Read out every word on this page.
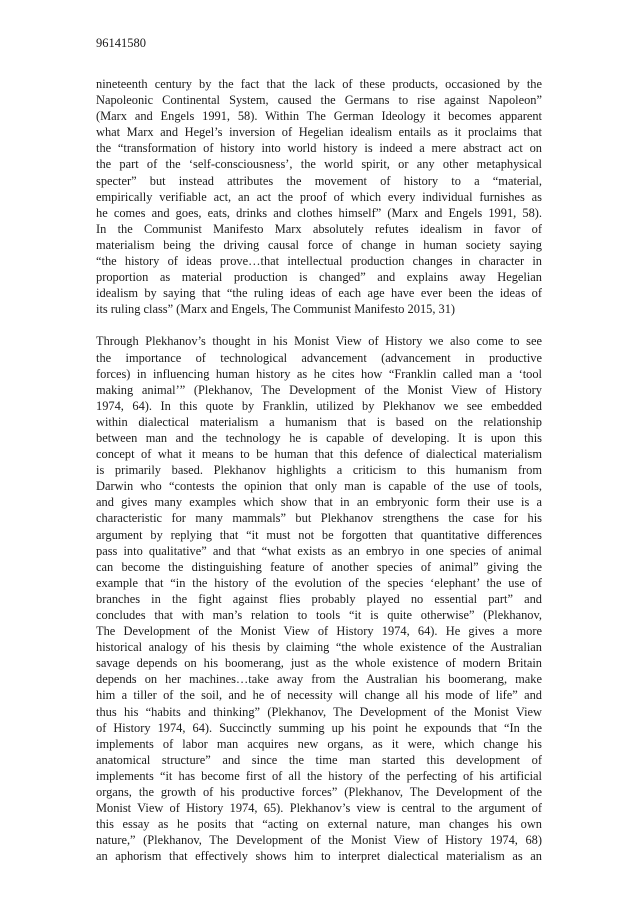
96141580
nineteenth century by the fact that the lack of these products, occasioned by the
Napoleonic Continental System, caused the Germans to rise against Napoleon”
(Marx and Engels 1991, 58). Within The German Ideology it becomes apparent
what Marx and Hegel’s inversion of Hegelian idealism entails as it proclaims that
the “transformation of history into world history is indeed a mere abstract act on
the part of the ‘self-consciousness’, the world spirit, or any other metaphysical
specter” but instead attributes the movement of history to a “material,
empirically verifiable act, an act the proof of which every individual furnishes as
he comes and goes, eats, drinks and clothes himself” (Marx and Engels 1991, 58).
In the Communist Manifesto Marx absolutely refutes idealism in favor of
materialism being the driving causal force of change in human society saying
“the history of ideas prove…that intellectual production changes in character in
proportion as material production is changed” and explains away Hegelian
idealism by saying that “the ruling ideas of each age have ever been the ideas of
its ruling class” (Marx and Engels, The Communist Manifesto 2015, 31)
Through Plekhanov’s thought in his Monist View of History we also come to see
the importance of technological advancement (advancement in productive
forces) in influencing human history as he cites how “Franklin called man a ‘tool
making animal’” (Plekhanov, The Development of the Monist View of History
1974, 64). In this quote by Franklin, utilized by Plekhanov we see embedded
within dialectical materialism a humanism that is based on the relationship
between man and the technology he is capable of developing. It is upon this
concept of what it means to be human that this defence of dialectical materialism
is primarily based. Plekhanov highlights a criticism to this humanism from
Darwin who “contests the opinion that only man is capable of the use of tools,
and gives many examples which show that in an embryonic form their use is a
characteristic for many mammals” but Plekhanov strengthens the case for his
argument by replying that “it must not be forgotten that quantitative differences
pass into qualitative” and that “what exists as an embryo in one species of animal
can become the distinguishing feature of another species of animal” giving the
example that “in the history of the evolution of the species ‘elephant’ the use of
branches in the fight against flies probably played no essential part” and
concludes that with man’s relation to tools “it is quite otherwise” (Plekhanov,
The Development of the Monist View of History 1974, 64). He gives a more
historical analogy of his thesis by claiming “the whole existence of the Australian
savage depends on his boomerang, just as the whole existence of modern Britain
depends on her machines…take away from the Australian his boomerang, make
him a tiller of the soil, and he of necessity will change all his mode of life” and
thus his “habits and thinking” (Plekhanov, The Development of the Monist View
of History 1974, 64). Succinctly summing up his point he expounds that “In the
implements of labor man acquires new organs, as it were, which change his
anatomical structure” and since the time man started this development of
implements “it has become first of all the history of the perfecting of his artificial
organs, the growth of his productive forces” (Plekhanov, The Development of the
Monist View of History 1974, 65). Plekhanov’s view is central to the argument of
this essay as he posits that “acting on external nature, man changes his own
nature,” (Plekhanov, The Development of the Monist View of History 1974, 68)
an aphorism that effectively shows him to interpret dialectical materialism as an
